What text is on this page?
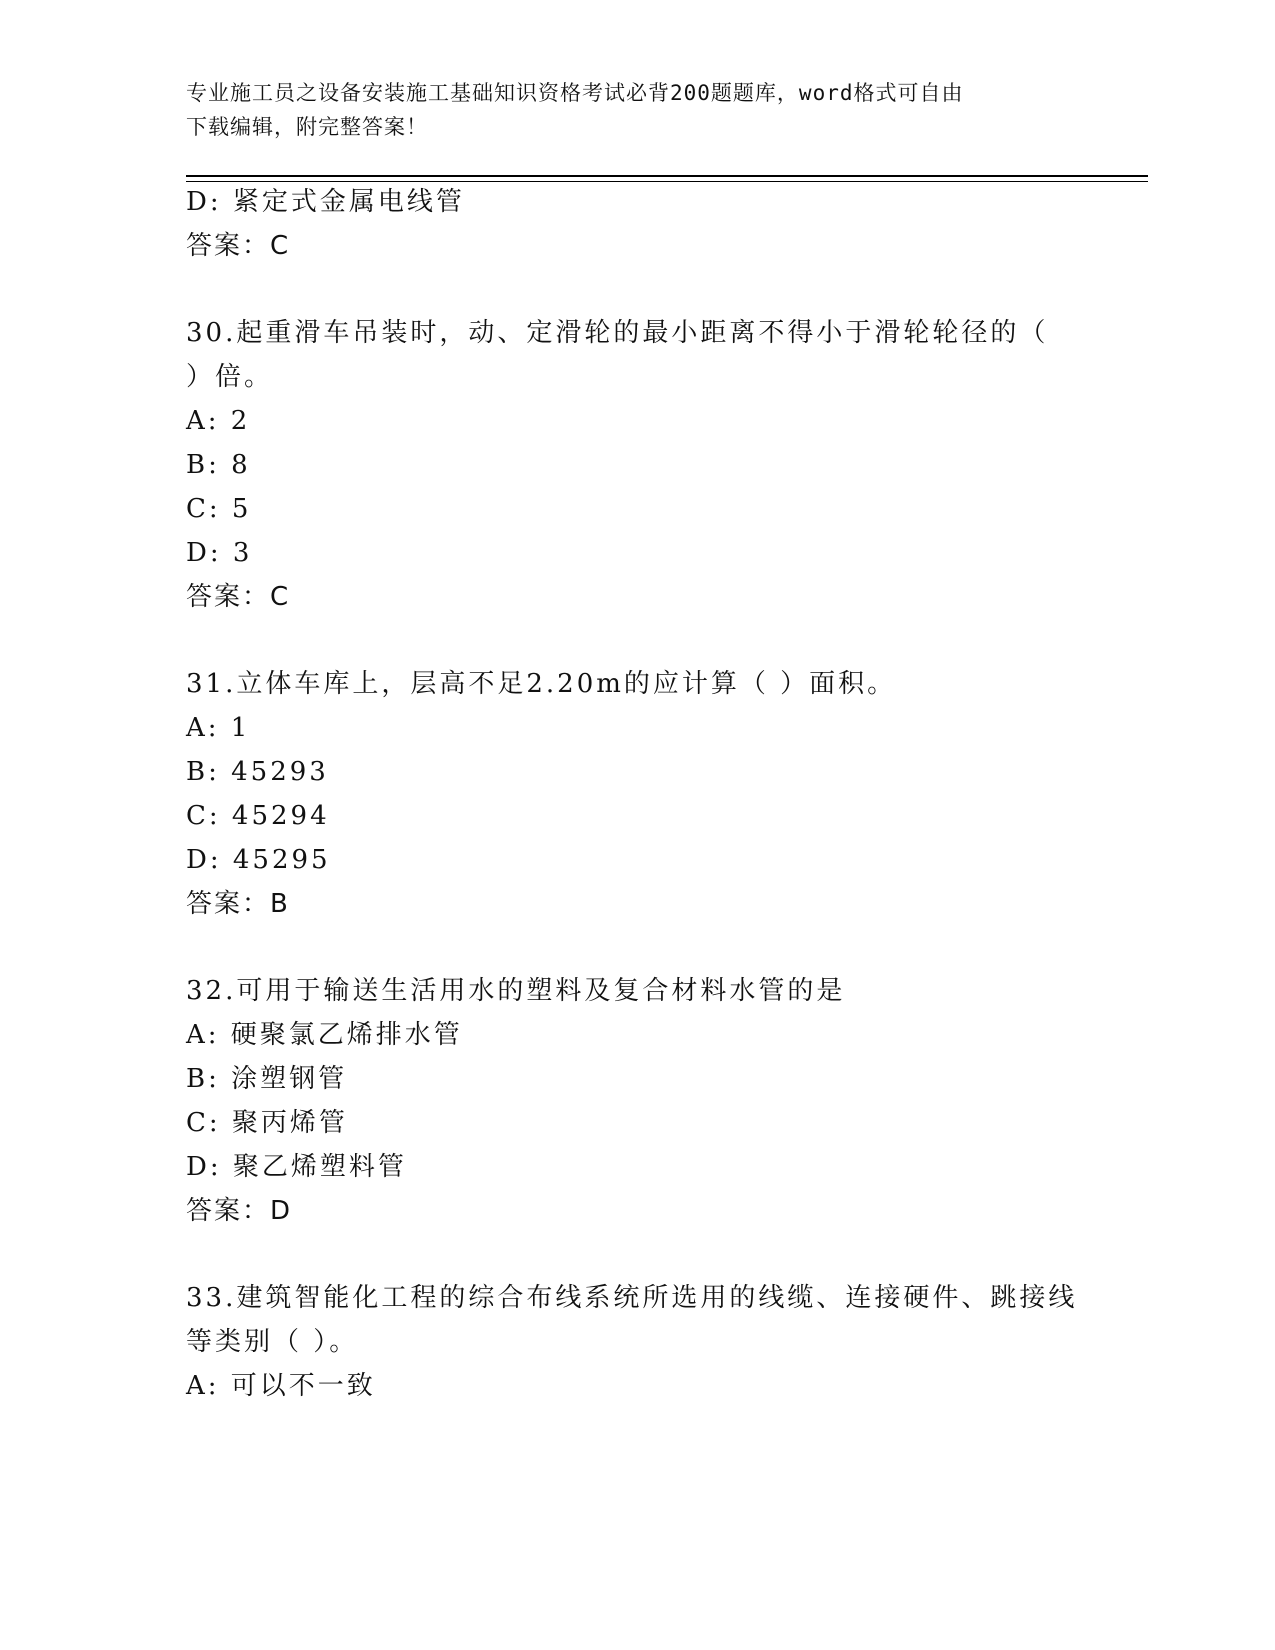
专业施工员之设备安装施工基础知识资格考试必背200题题库，word格式可自由
下载编辑，附完整答案！
D: 紧定式金属电线管
答案：C
30.起重滑车吊装时，动、定滑轮的最小距离不得小于滑轮轮径的（
）倍。
A: 2
B: 8
C: 5
D: 3
答案：C
31.立体车库上，层高不足2.20m的应计算（ ）面积。
A: 1
B: 45293
C: 45294
D: 45295
答案：B
32.可用于输送生活用水的塑料及复合材料水管的是
A: 硬聚氯乙烯排水管
B: 涂塑钢管
C: 聚丙烯管
D: 聚乙烯塑料管
答案：D
33.建筑智能化工程的综合布线系统所选用的线缆、连接硬件、跳接线
等类别（ ）。
A: 可以不一致
